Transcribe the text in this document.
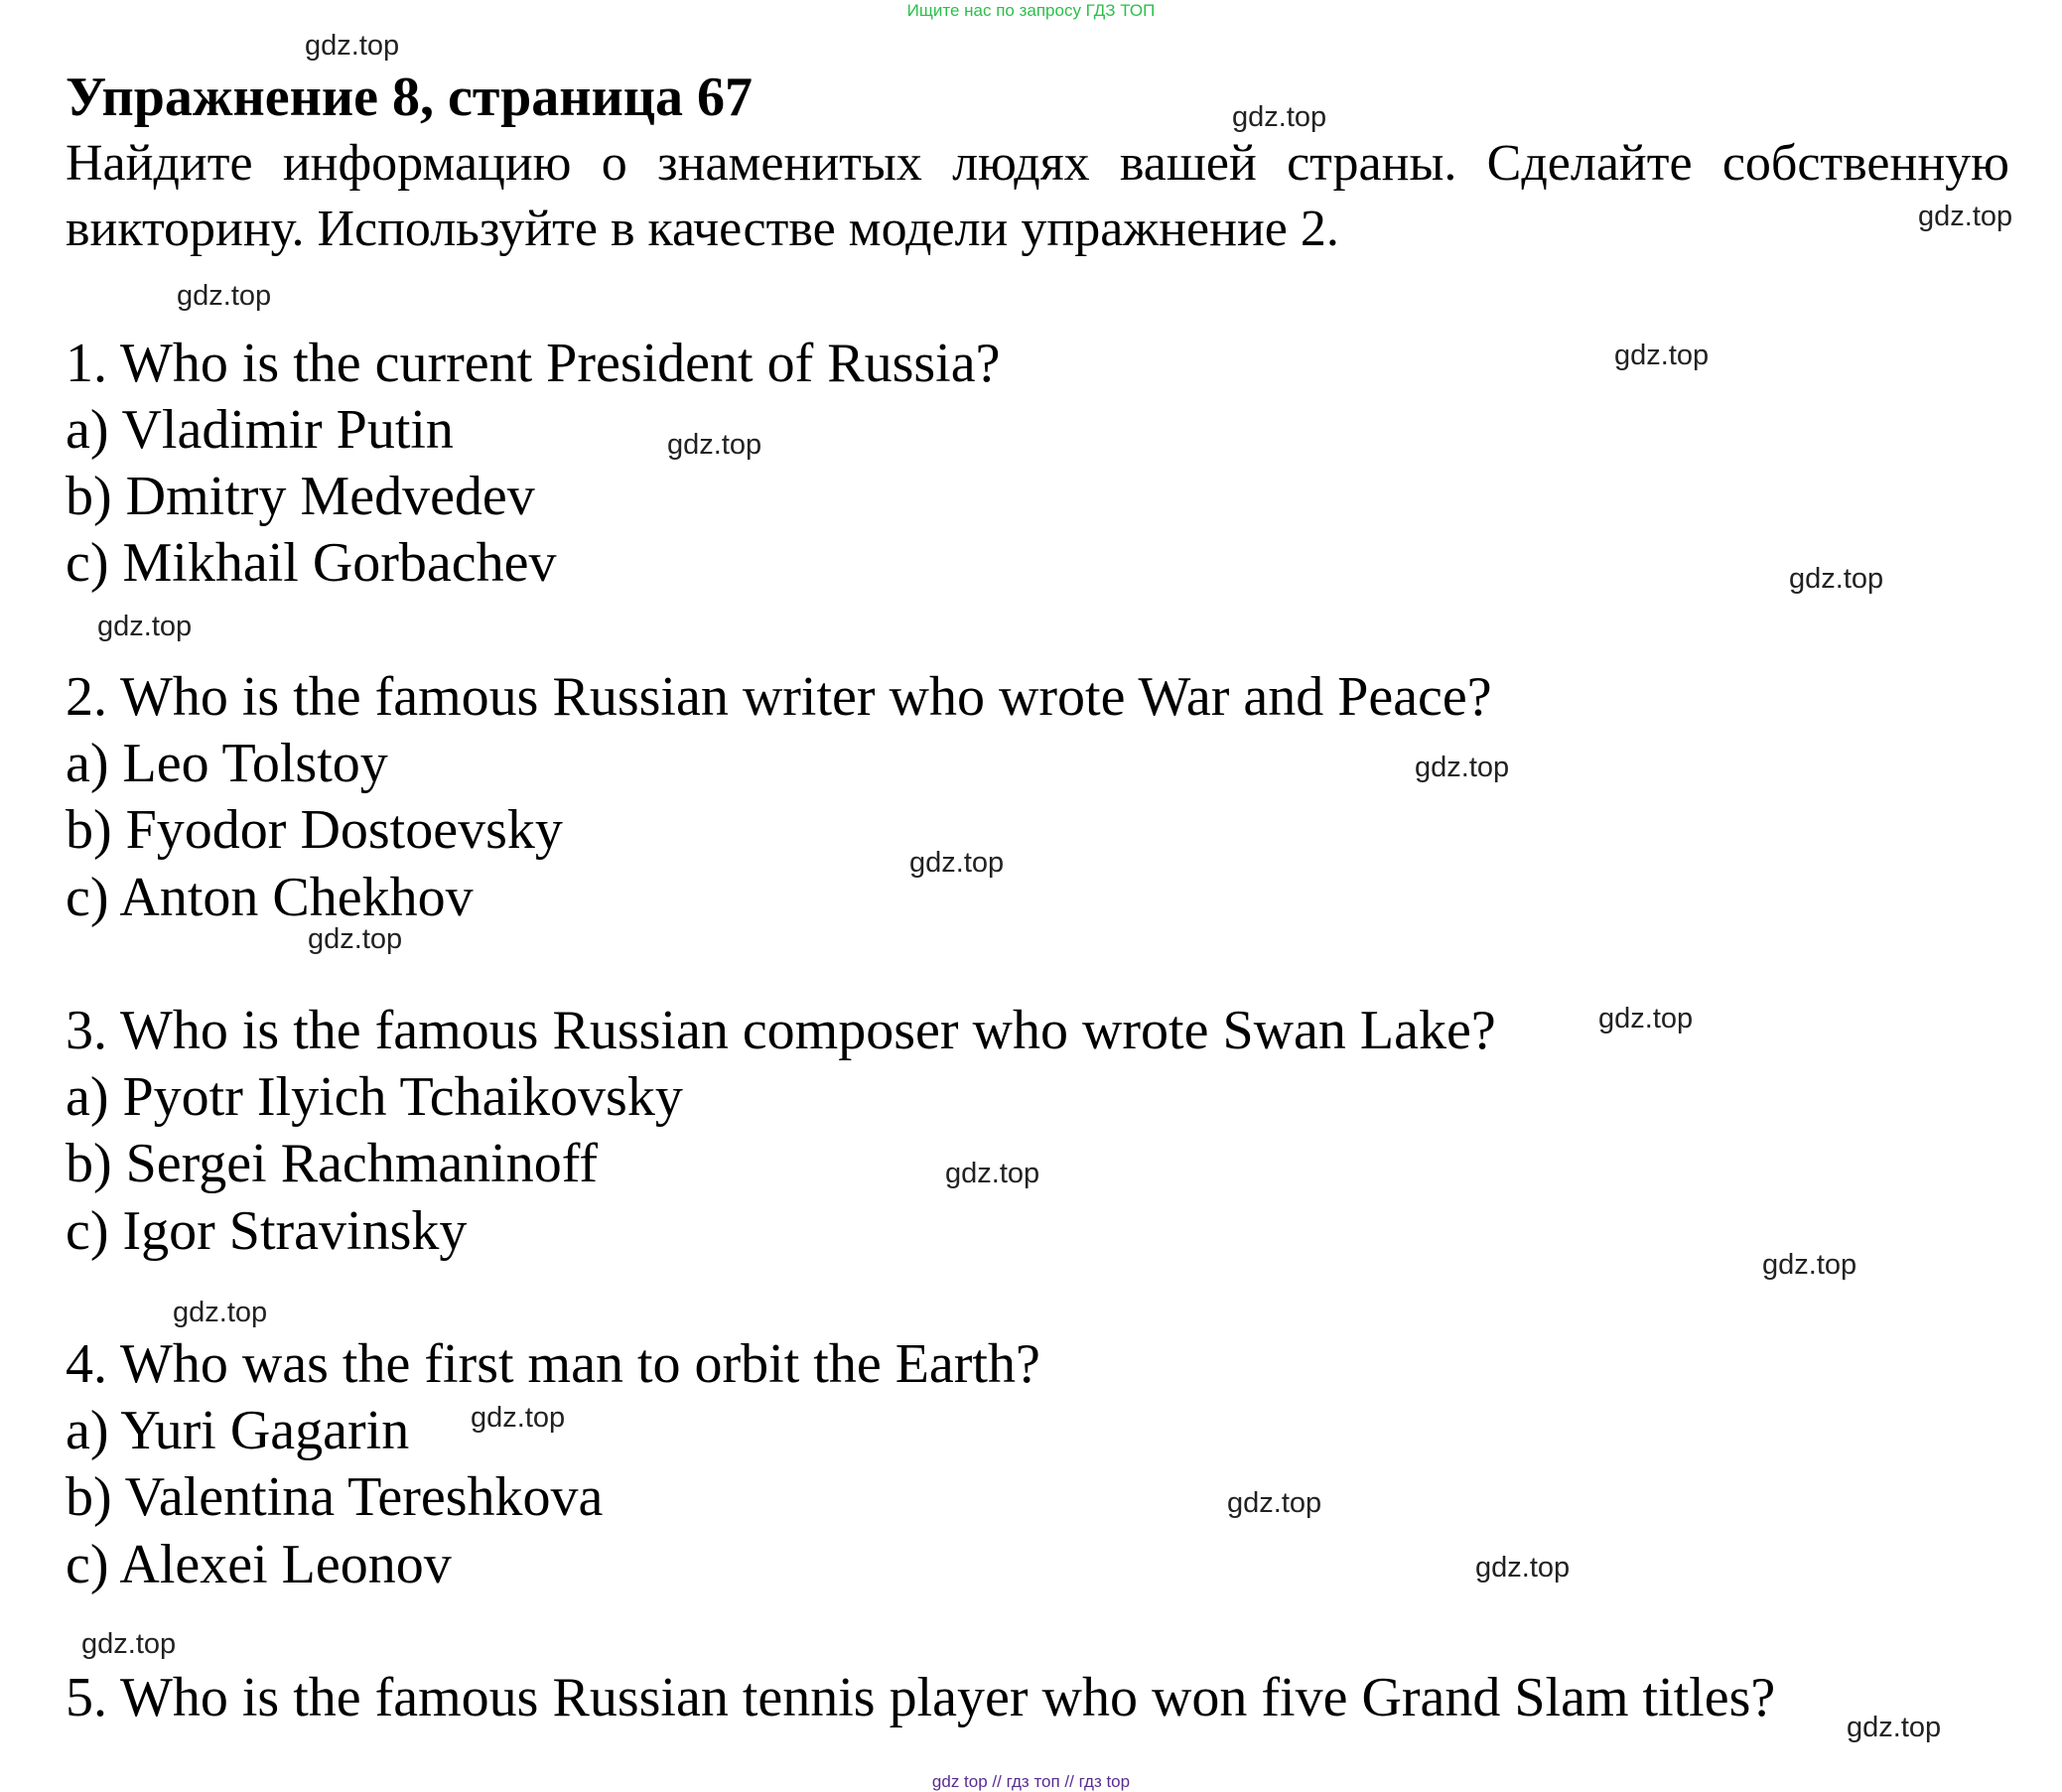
Ищите нас по запросу ГДЗ ТОП
Упражнение 8, страница 67
Найдите информацию о знаменитых людях вашей страны. Сделайте собственную викторину. Используйте в качестве модели упражнение 2.
1. Who is the current President of Russia?
a) Vladimir Putin
b) Dmitry Medvedev
c) Mikhail Gorbachev
2. Who is the famous Russian writer who wrote War and Peace?
a) Leo Tolstoy
b) Fyodor Dostoevsky
c) Anton Chekhov
3. Who is the famous Russian composer who wrote Swan Lake?
a) Pyotr Ilyich Tchaikovsky
b) Sergei Rachmaninoff
c) Igor Stravinsky
4. Who was the first man to orbit the Earth?
a) Yuri Gagarin
b) Valentina Tereshkova
c) Alexei Leonov
5. Who is the famous Russian tennis player who won five Grand Slam titles?
gdz.top
gdz.top
gdz.top
gdz.top
gdz.top
gdz.top
gdz.top
gdz.top
gdz.top
gdz.top
gdz.top
gdz.top
gdz.top
gdz.top
gdz.top
gdz.top
gdz.top
gdz.top
gdz.top
gdz.top
gdz top // гдз топ // гдз top
